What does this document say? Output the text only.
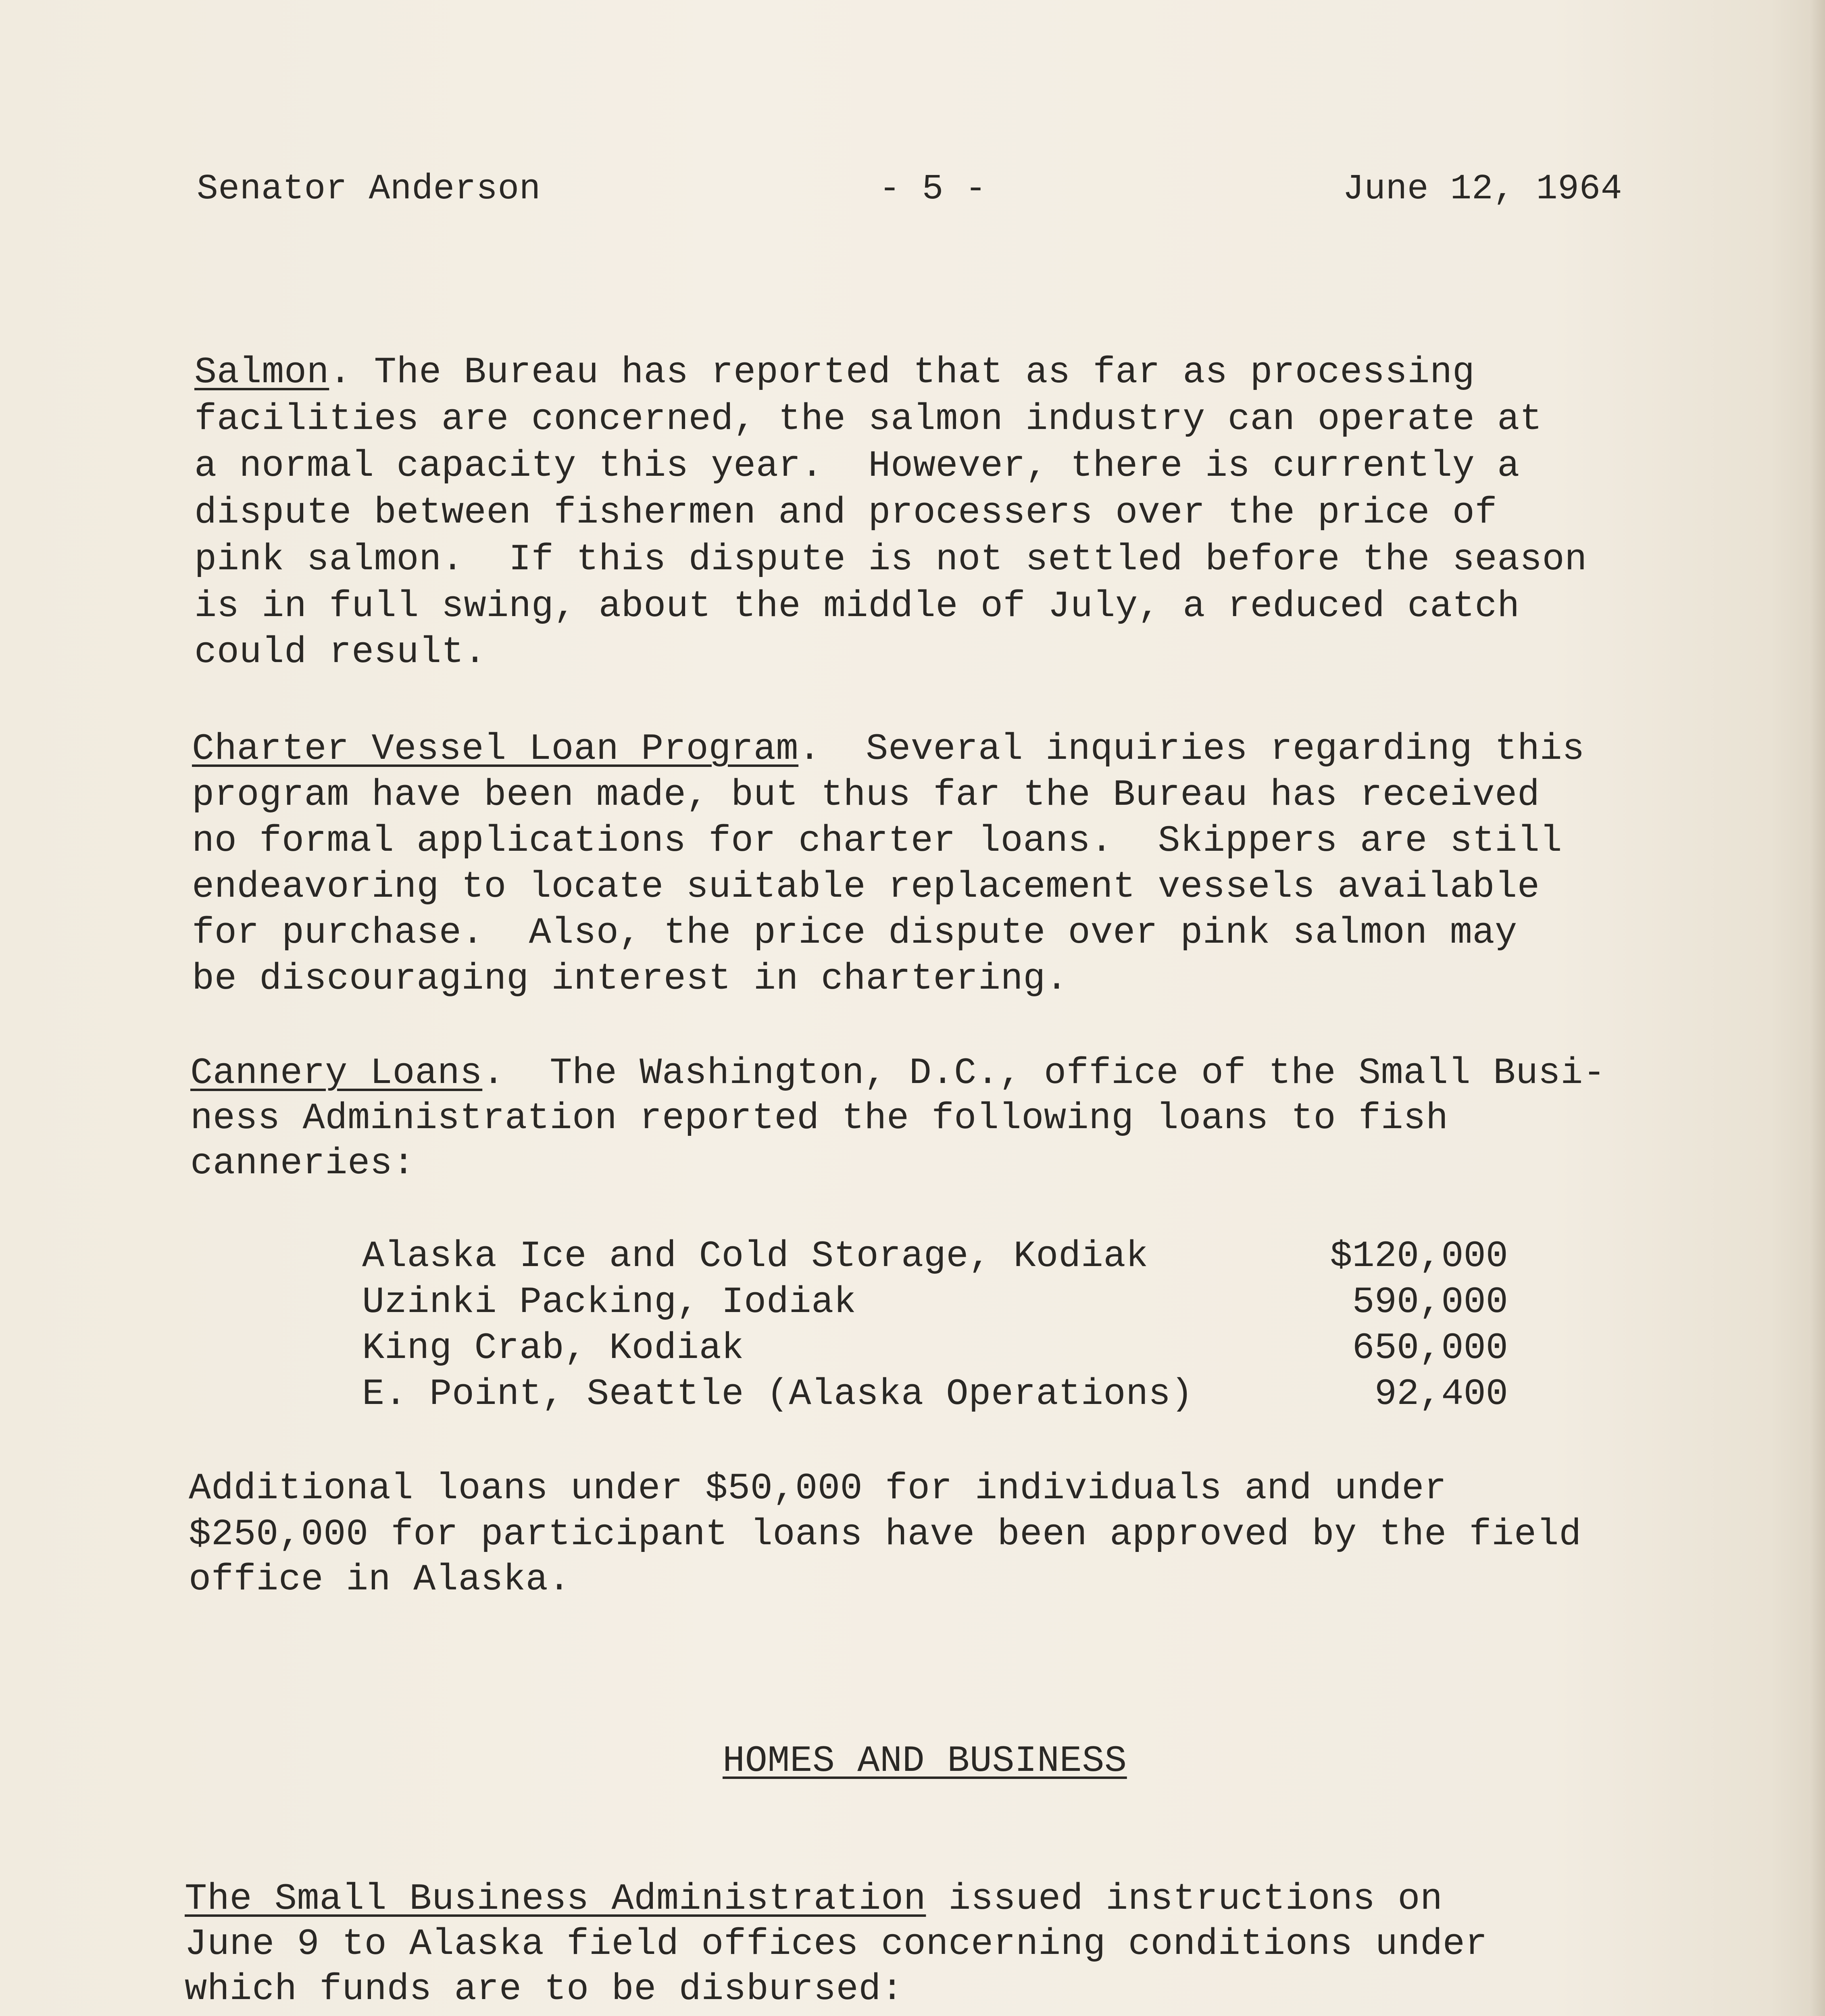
Senator Anderson	- 5 -	June 12, 1964
Salmon. The Bureau has reported that as far as processing
facilities are concerned, the salmon industry can operate at
a normal capacity this year.  However, there is currently a
dispute between fishermen and processers over the price of
pink salmon.  If this dispute is not settled before the season
is in full swing, about the middle of July, a reduced catch
could result.
Charter Vessel Loan Program.  Several inquiries regarding this
program have been made, but thus far the Bureau has received
no formal applications for charter loans.  Skippers are still
endeavoring to locate suitable replacement vessels available
for purchase.  Also, the price dispute over pink salmon may
be discouraging interest in chartering.
Cannery Loans.  The Washington, D.C., office of the Small Busi-
ness Administration reported the following loans to fish
canneries:
Alaska Ice and Cold Storage, Kodiak	$120,000
Uzinki Packing, Iodiak	590,000
King Crab, Kodiak	650,000
E. Point, Seattle (Alaska Operations)	92,400
Additional loans under $50,000 for individuals and under
$250,000 for participant loans have been approved by the field
office in Alaska.
HOMES AND BUSINESS
The Small Business Administration issued instructions on
June 9 to Alaska field offices concerning conditions under
which funds are to be disbursed:
